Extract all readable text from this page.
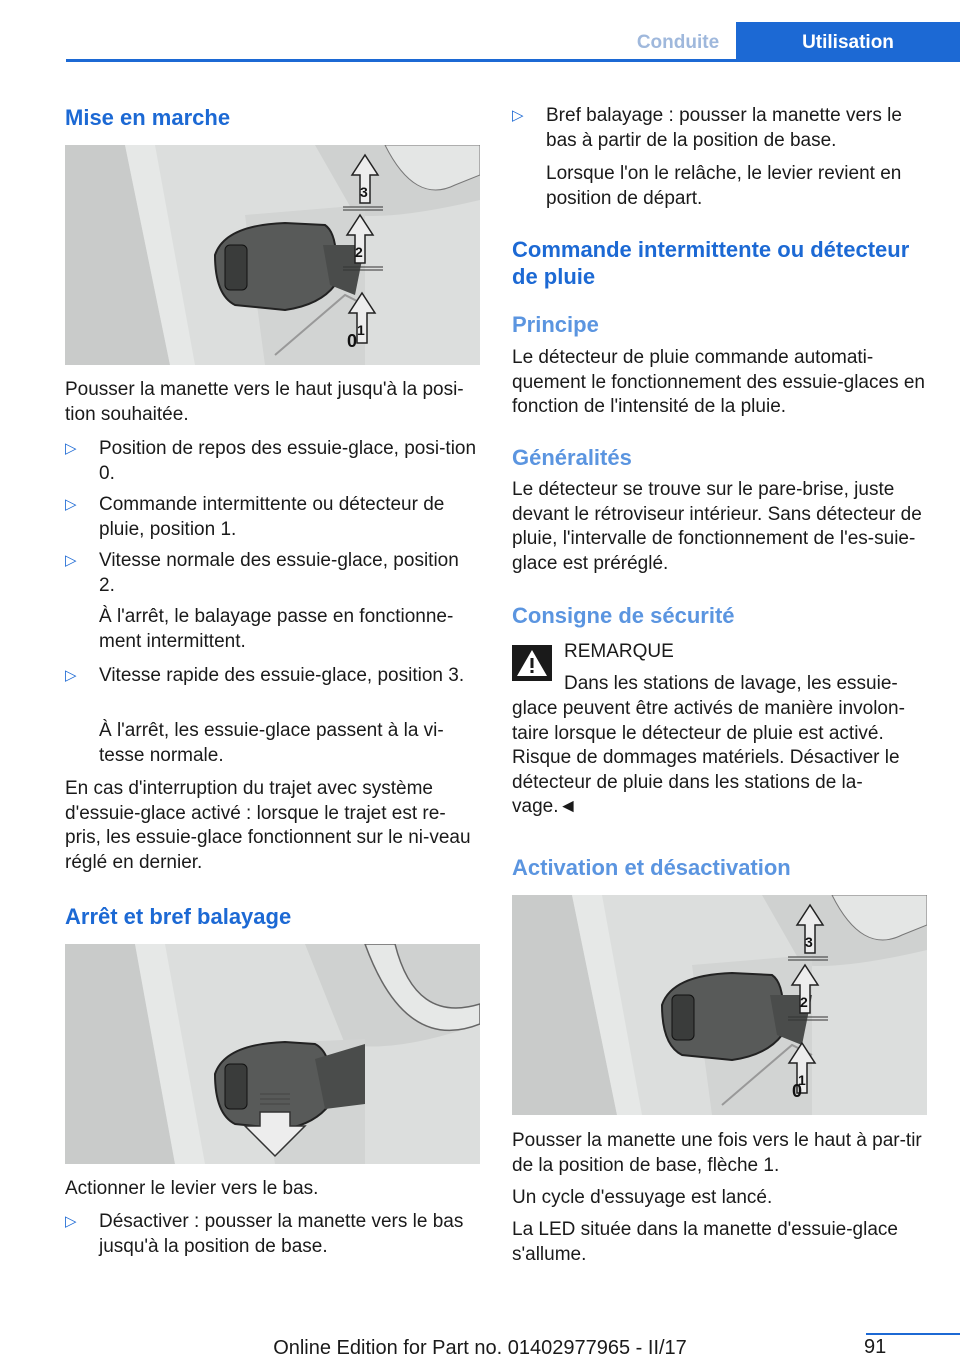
Conduite	Utilisation
Mise en marche
1
2
3
0

Pousser la manette vers le haut jusqu'à la posi-tion souhaitée.

▷ Position de repos des essuie-glace, posi-tion 0.
▷ Commande intermittente ou détecteur de pluie, position 1.
▷ Vitesse normale des essuie-glace, position 2.

À l'arrêt, le balayage passe en fonctionne-ment intermittent.

▷ Vitesse rapide des essuie-glace, position 3.

À l'arrêt, les essuie-glace passent à la vi-tesse normale.

En cas d'interruption du trajet avec système d'essuie-glace activé : lorsque le trajet est re-pris, les essuie-glace fonctionnent sur le ni-veau réglé en dernier.

Arrêt et bref balayage

Actionner le levier vers le bas.

▷ Désactiver : pousser la manette vers le bas jusqu'à la position de base.
▷ Bref balayage : pousser la manette vers le bas à partir de la position de base.

Lorsque l'on le relâche, le levier revient en position de départ.

Commande intermittente ou détecteur de pluie
Principe

Le détecteur de pluie commande automati-quement le fonctionnement des essuie-glaces en fonction de l'intensité de la pluie.

Généralités

Le détecteur se trouve sur le pare-brise, juste devant le rétroviseur intérieur. Sans détecteur de pluie, l'intervalle de fonctionnement de l'es-suie-glace est préréglé.

Consigne de sécurité

REMARQUE

Dans les stations de lavage, les essuie-

glace peuvent être activés de manière involon-taire lorsque le détecteur de pluie est activé. Risque de dommages matériels. Désactiver le détecteur de pluie dans les stations de la-vage.◄

Activation et désactivation
1
2
3
0

Pousser la manette une fois vers le haut à par-tir de la position de base, flèche 1.

Un cycle d'essuyage est lancé.

La LED située dans la manette d'essuie-glace s'allume.

91
Online Edition for Part no. 01402977965 - II/17
